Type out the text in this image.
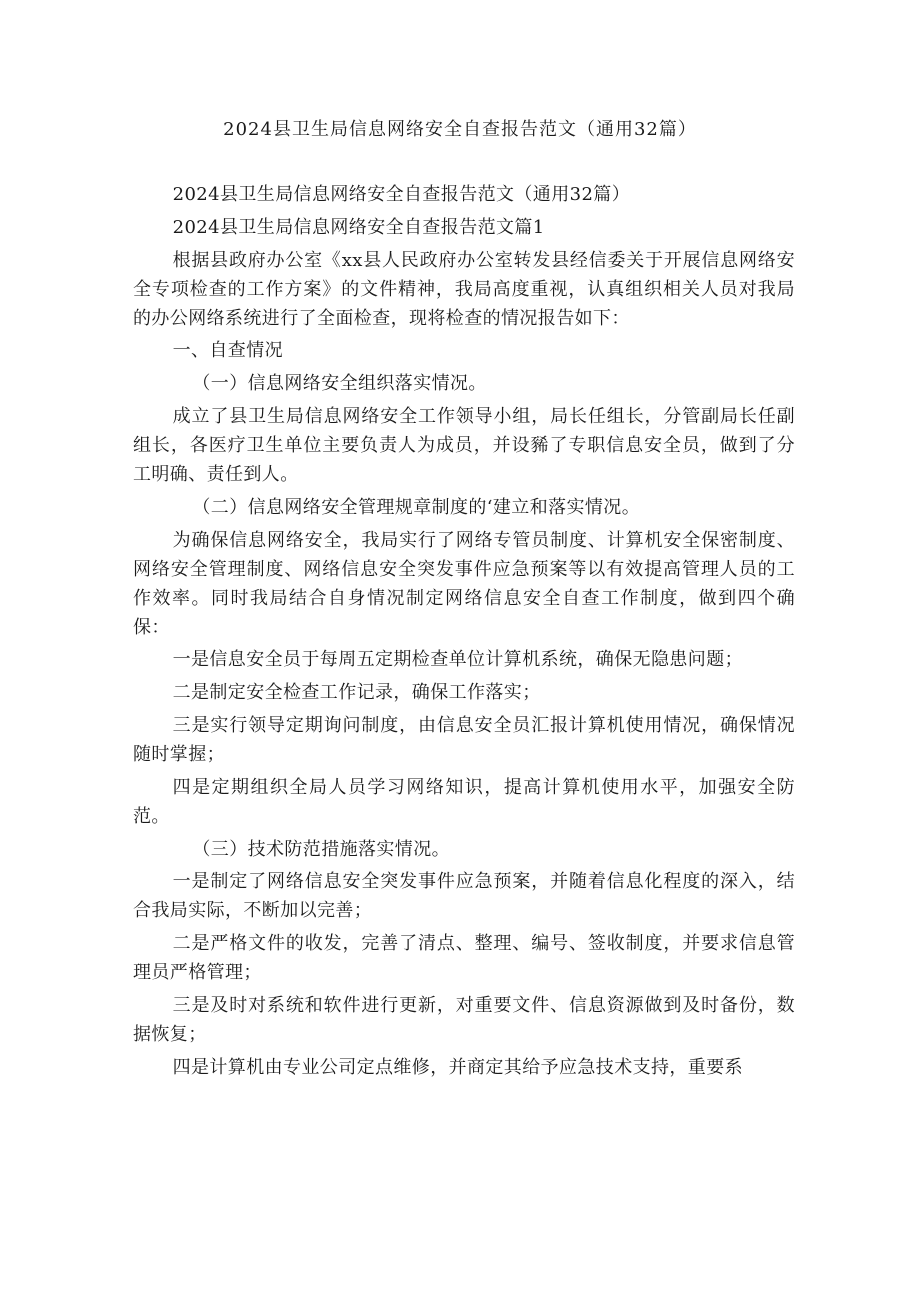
2024县卫生局信息网络安全自查报告范文（通用32篇）

2024县卫生局信息网络安全自查报告范文（通用32篇）

2024县卫生局信息网络安全自查报告范文篇1

根据县政府办公室《xx县人民政府办公室转发县经信委关于开展信息网络安全专项检查的工作方案》的文件精神，我局高度重视，认真组织相关人员对我局的办公网络系统进行了全面检查，现将检查的情况报告如下：

一、自查情况

（一）信息网络安全组织落实情况。

成立了县卫生局信息网络安全工作领导小组，局长任组长，分管副局长任副组长，各医疗卫生单位主要负责人为成员，并设豨了专职信息安全员，做到了分工明确、责任到人。

（二）信息网络安全管理规章制度的‘建立和落实情况。

为确保信息网络安全，我局实行了网络专管员制度、计算机安全保密制度、网络安全管理制度、网络信息安全突发事件应急预案等以有效提高管理人员的工作效率。同时我局结合自身情况制定网络信息安全自查工作制度，做到四个确保：

一是信息安全员于每周五定期检查单位计算机系统，确保无隐患问题；

二是制定安全检查工作记录，确保工作落实；

三是实行领导定期询问制度，由信息安全员汇报计算机使用情况，确保情况随时掌握；

四是定期组织全局人员学习网络知识，提高计算机使用水平，加强安全防范。

（三）技术防范措施落实情况。

一是制定了网络信息安全突发事件应急预案，并随着信息化程度的深入，结合我局实际，不断加以完善；

二是严格文件的收发，完善了清点、整理、编号、签收制度，并要求信息管理员严格管理；

三是及时对系统和软件进行更新，对重要文件、信息资源做到及时备份，数据恢复；

四是计算机由专业公司定点维修，并商定其给予应急技术支持，重要系
